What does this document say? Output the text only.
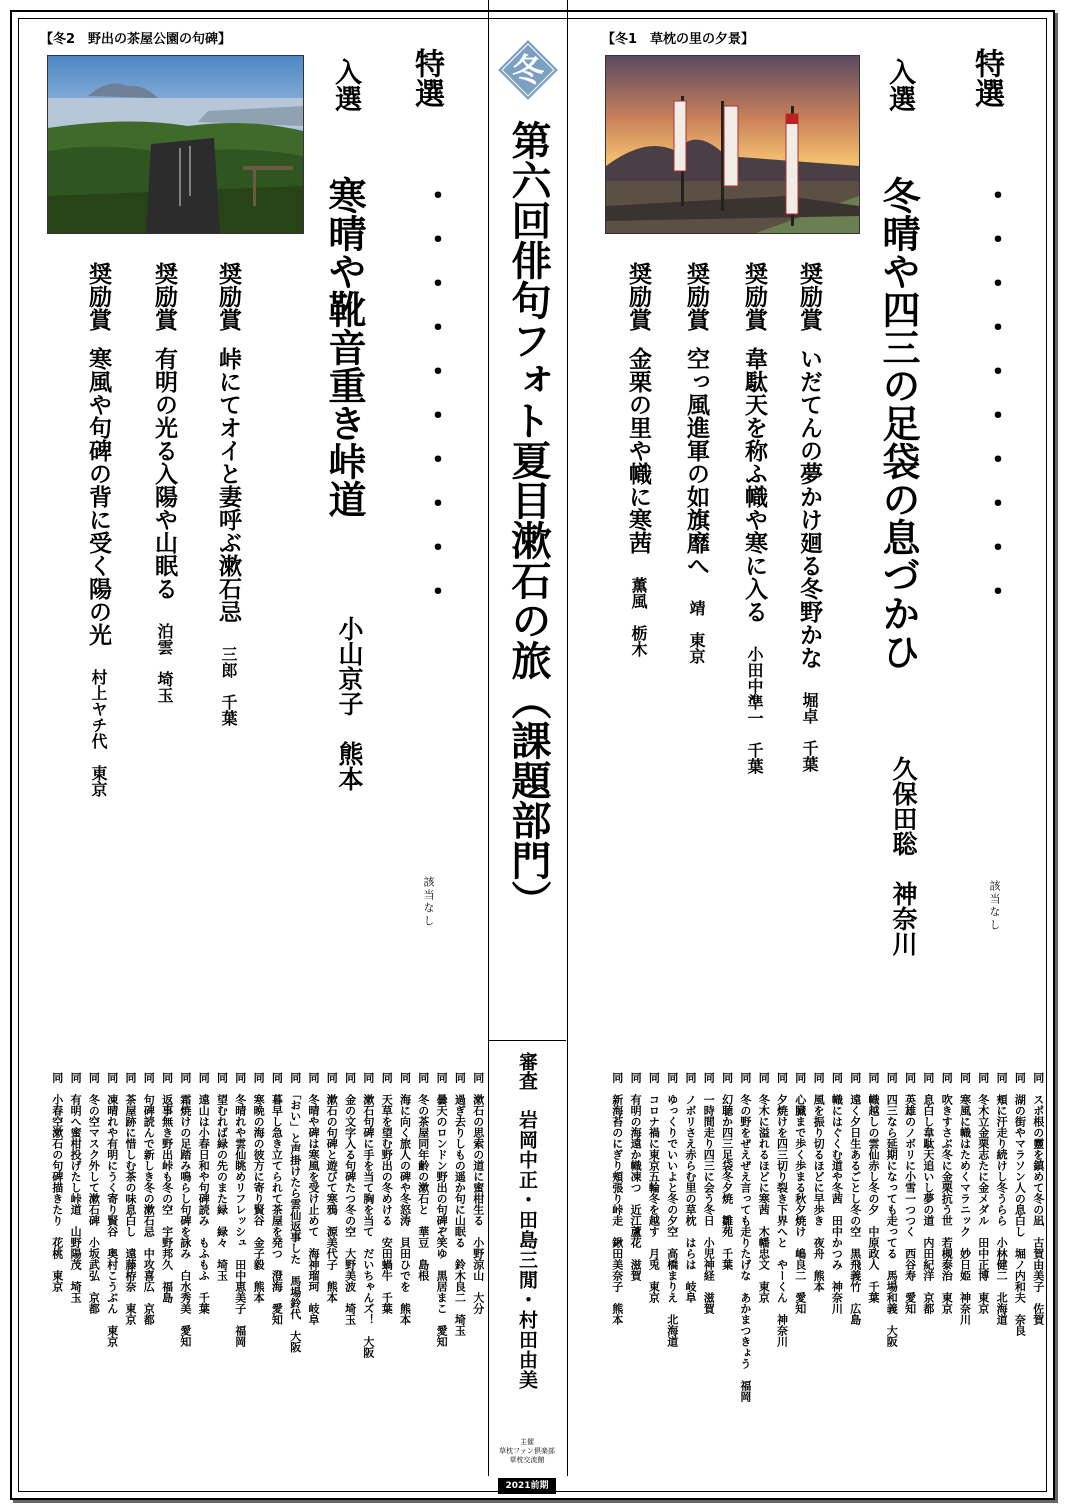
冬
第六回俳句フォト夏目漱石の旅（課題部門）
審査
岩岡中正・田島三閒・村田由美
主催
草枕ファン倶楽部
草枕交流館
2021前期
【冬1　草枕の里の夕景】
特選
・・・・・・・・・・
該当なし
入選
冬晴や四三の足袋の息づかひ
久保田聡　神奈川
奨励賞いだてんの夢かけ廻る冬野かな　堀卓　千葉
奨励賞韋駄天を称ふ幟や寒に入る　小田中準一　千葉
奨励賞空っ風進軍の如旗靡へ　靖　東京
奨励賞金栗の里や幟に寒茜　薫風　栃木
同　スポ根の靈を鎮めて冬の凪　古賀由美子　佐賀
同　湖の街やマラソン人の息白し　堀ノ内和夫　奈良
同　頬に汗走り続けし冬うらら　小林健二　北海道
同　冬木立金栗志たに金メダル　田中正博　東京
同　寒風に幟はためくマラニック　妙日姫　神奈川
同　吹きすさぶ冬に金栗抗う世　若槻泰治　東京
同　息白し韋駄天追いし夢の道　内田紀洋　京都
同　英雄のノボリに小雪一つつく　西谷寿　愛知
同　四三なら延期になっても走ってる　馬場和義　大阪
同　幟越しの雲仙赤し冬の夕　中原政人　千葉
同　遠く夕日生あるごとし冬の空　黒飛義竹　広島
同　幟にはぐくむ道や冬茜　田中かつみ　神奈川
同　風を振り切るほどに早歩き　夜舟　熊本
同　心臓まで歩く歩まる秋夕焼け　嶋良二　愛知
同　夕焼けを四三切り裂き下界へと　やーくん　神奈川
同　冬木に溢れるほどに寒茜　木幡忠文　東京
同　冬の野をぜえぜえ言っても走りたげな　あかまつきょう　福岡
同　幻聴か四三足袋冬夕焼　雛苑　千葉
同　一時間走り四三に会う冬日　小児神経　滋賀
同　ノボリさえ赤らむ里の草枕　はらは　岐阜
同　ゆっくりでいいよと冬の夕空　高橋まりえ　北海道
同　コロナ禍に東京五輪冬を越す　月兎　東京
同　有明の海遠か幟凍つ　近江蘆花　滋賀
同　新海苔のにぎり頬張り峠走　鍬田美奈子　熊本
【冬2　野出の茶屋公園の句碑】
特選
・・・・・・・・・・
該当なし
入選
寒晴や靴音重き峠道
小山京子　熊本
奨励賞峠にてオイと妻呼ぶ漱石忌　三郎　千葉
奨励賞有明の光る入陽や山眠る　泊雲　埼玉
奨励賞寒風や句碑の背に受く陽の光　村上ヤチ代　東京
同　漱石の思索の道に蜜柑生る　小野涼山　大分
同　過ぎ去りしもの遥か句に山眠る　鈴木良二　埼玉
同　曇天のロンドン野出の句碑ぞ笑ゆ　黒居まこ　愛知
同　冬の茶屋同年齢の漱石と　華豆　島根
同　海に向く旅人の碑や冬怒涛　貝田ひでを　熊本
同　天草を望む野出の冬めける　安田蝸牛　千葉
同　漱石句碑に手を当て胸を当て　だいちゃんズ！　大阪
同　金の文字入る句碑たつ冬の空　大野美波　埼玉
同　漱石の句碑と遊びて寒鴉　源美代子　熊本
同　冬晴や碑は寒風を受け止めて　海神瑠珂　岐阜
同　「おい」と声掛けたら雲仙返事した　馬場鈴代　大阪
同　暮早し急き立てられて茶屋を発つ　澄海　愛知
同　寒晩の海の彼方に寄り賢谷　金子毅　熊本
同　冬晴れや雲仙眺めリフレッシュ　田中恵美子　福岡
同　望むれば緑の先のまた緑　緑々　埼玉
同　遠山は小春日和や句碑読み　もふもふ　千葉
同　霜焼けの足踏み鳴らし句碑を詠み　白水秀美　愛知
同　返事無き野出峠も冬の空　宇野邦久　福島
同　句碑読んで新しき冬の漱石忌　中攻喜広　京都
同　茶屋跡に惜しむ茶の味息白し　遠藤栫奈　東京
同　凍晴れや有明にうく寄り賢谷　奥村こうぶん　東京
同　冬の空マスク外して漱石碑　小坂武弘　京都
同　有明へ蜜柑投げたし峠道　山野陽茂　埼玉
同　小春空漱石の句碑描きたり　花桃　東京
